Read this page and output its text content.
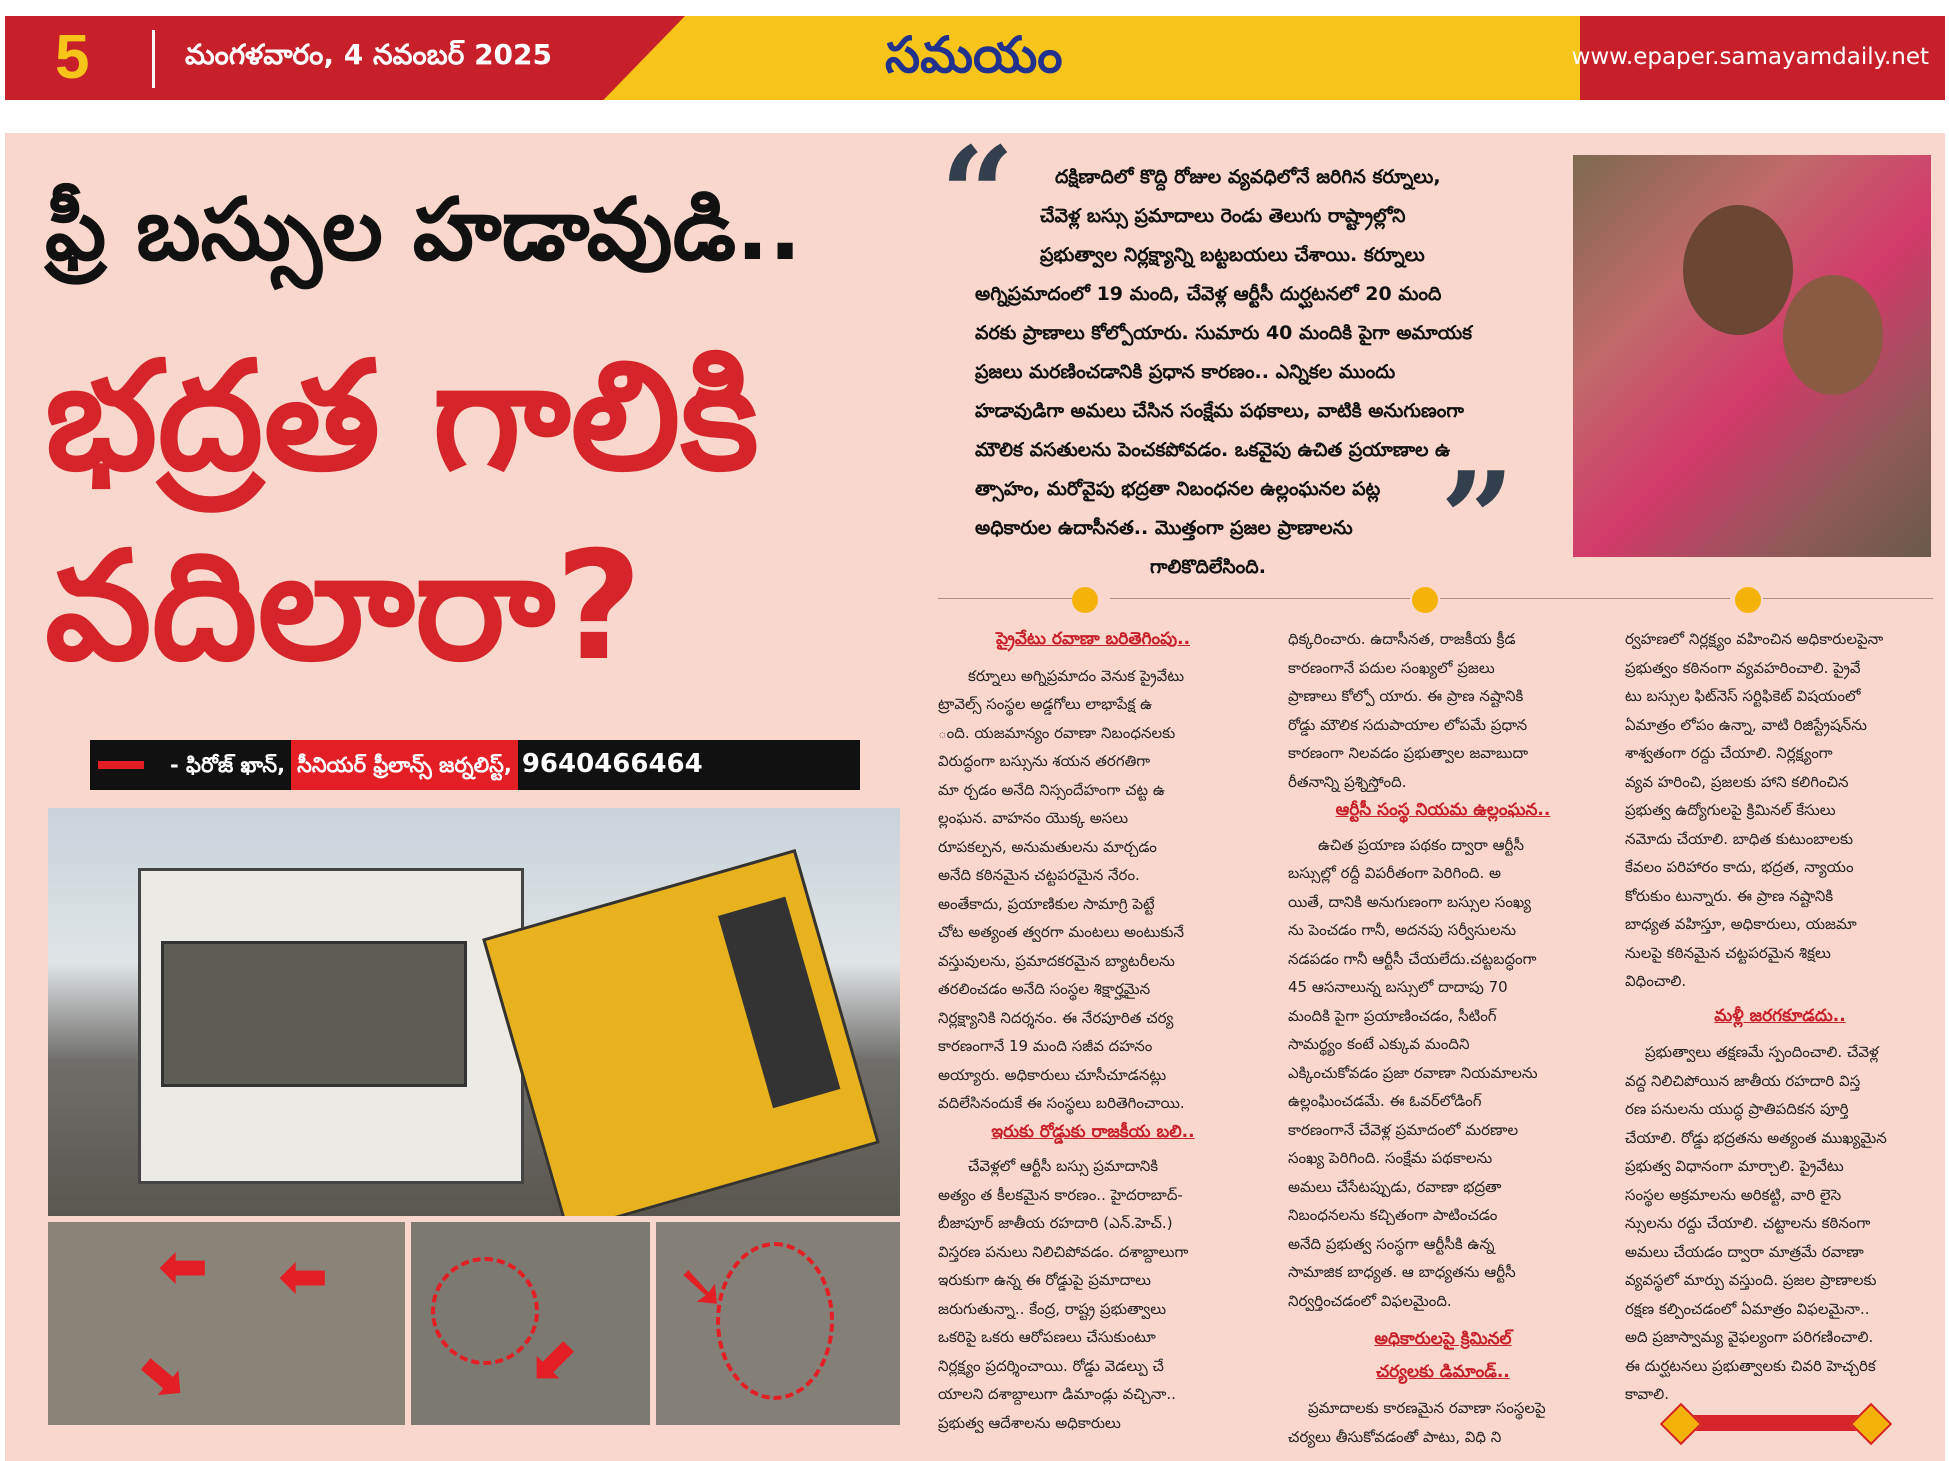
5	మంగళవారం, 4 నవంబర్ 2025	సమయం	www.epaper.samayamdaily.net
ఫ్రీ బస్సుల హడావుడి..
భద్రత గాలికి
వదిలారా?
- ఫిరోజ్ ఖాన్, సీనియర్ ఫ్రీలాన్స్ జర్నలిస్ట్, 9640466464
⬅ ⬅
➡	⬋
➘
“
”
దక్షిణాదిలో కొద్ది రోజుల వ్యవధిలోనే జరిగిన కర్నూలు,
చేవెళ్ల బస్సు ప్రమాదాలు రెండు తెలుగు రాష్ట్రాల్లోని
ప్రభుత్వాల నిర్లక్ష్యాన్ని బట్టబయలు చేశాయి. కర్నూలు
అగ్నిప్రమాదంలో 19 మంది, చేవెళ్ల ఆర్టీసీ దుర్ఘటనలో 20 మంది
వరకు ప్రాణాలు కోల్పోయారు. సుమారు 40 మందికి పైగా అమాయక
ప్రజలు మరణించడానికి ప్రధాన కారణం.. ఎన్నికల ముందు
హడావుడిగా అమలు చేసిన సంక్షేమ పథకాలు, వాటికి అనుగుణంగా
మౌలిక వసతులను పెంచకపోవడం. ఒకవైపు ఉచిత ప్రయాణాల ఉ
త్సాహం, మరోవైపు భద్రతా నిబంధనల ఉల్లంఘనల పట్ల
అధికారుల ఉదాసీనత.. మొత్తంగా ప్రజల ప్రాణాలను
గాలికొదిలేసింది.

ప్రైవేటు రవాణా బరితెగింపు..

కర్నూలు అగ్నిప్రమాదం వెనుక ప్రైవేటు

ట్రావెల్స్ సంస్థల అడ్డగోలు లాభాపేక్ష ఉ

ంది. యజమాన్యం రవాణా నిబంధనలకు

విరుద్ధంగా బస్సును శయన తరగతిగా

మా ర్చడం అనేది నిస్సందేహంగా చట్ట ఉ

ల్లంఘన. వాహనం యొక్క అసలు

రూపకల్పన, అనుమతులను మార్చడం

అనేది కఠినమైన చట్టపరమైన నేరం.

అంతేకాదు, ప్రయాణికుల సామాగ్రి పెట్టే

చోట అత్యంత త్వరగా మంటలు అంటుకునే

వస్తువులను, ప్రమాదకరమైన బ్యాటరీలను

తరలించడం అనేది సంస్థల శిక్షార్హమైన

నిర్లక్ష్యానికి నిదర్శనం. ఈ నేరపూరిత చర్య

కారణంగానే 19 మంది సజీవ దహనం

అయ్యారు. అధికారులు చూసీచూడనట్లు

వదిలేసినందుకే ఈ సంస్థలు బరితెగించాయి.

ఇరుకు రోడ్డుకు రాజకీయ బలి..

చేవెళ్లలో ఆర్టీసీ బస్సు ప్రమాదానికి

అత్యం త కీలకమైన కారణం.. హైదరాబాద్-

బీజాపూర్ జాతీయ రహదారి (ఎన్.హెచ్.)

విస్తరణ పనులు నిలిచిపోవడం. దశాబ్దాలుగా

ఇరుకుగా ఉన్న ఈ రోడ్డుపై ప్రమాదాలు

జరుగుతున్నా.. కేంద్ర, రాష్ట్ర ప్రభుత్వాలు

ఒకరిపై ఒకరు ఆరోపణలు చేసుకుంటూ

నిర్లక్ష్యం ప్రదర్శించాయి. రోడ్డు వెడల్పు చే

యాలని దశాబ్దాలుగా డిమాండ్లు వచ్చినా..

ప్రభుత్వ ఆదేశాలను అధికారులు

ధిక్కరించారు. ఉదాసీనత, రాజకీయ క్రీడ

కారణంగానే పదుల సంఖ్యలో ప్రజలు

ప్రాణాలు కోల్పో యారు. ఈ ప్రాణ నష్టానికి

రోడ్డు మౌలిక సదుపాయాల లోపమే ప్రధాన

కారణంగా నిలవడం ప్రభుత్వాల జవాబుదా

రీతనాన్ని ప్రశ్నిస్తోంది.

ఆర్టీసీ సంస్థ నియమ ఉల్లంఘన..

ఉచిత ప్రయాణ పథకం ద్వారా ఆర్టీసీ

బస్సుల్లో రద్దీ విపరీతంగా పెరిగింది. అ

యితే, దానికి అనుగుణంగా బస్సుల సంఖ్య

ను పెంచడం గానీ, అదనపు సర్వీసులను

నడపడం గానీ ఆర్టీసీ చేయలేదు.చట్టబద్ధంగా

45 ఆసనాలున్న బస్సులో దాదాపు 70

మందికి పైగా ప్రయాణించడం, సీటింగ్

సామర్థ్యం కంటే ఎక్కువ మందిని

ఎక్కించుకోవడం ప్రజా రవాణా నియమాలను

ఉల్లంఘించడమే. ఈ ఓవర్‌లోడింగ్

కారణంగానే చేవెళ్ల ప్రమాదంలో మరణాల

సంఖ్య పెరిగింది. సంక్షేమ పథకాలను

అమలు చేసేటప్పుడు, రవాణా భద్రతా

నిబంధనలను కచ్చితంగా పాటించడం

అనేది ప్రభుత్వ సంస్థగా ఆర్టీసీకి ఉన్న

సామాజిక బాధ్యత. ఆ బాధ్యతను ఆర్టీసీ

నిర్వర్తించడంలో విఫలమైంది.

అధికారులపై క్రిమినల్

చర్యలకు డిమాండ్..

ప్రమాదాలకు కారణమైన రవాణా సంస్థలపై

చర్యలు తీసుకోవడంతో పాటు, విధి ని

ర్వహణలో నిర్లక్ష్యం వహించిన అధికారులపైనా

ప్రభుత్వం కఠినంగా వ్యవహరించాలి. ప్రైవే

టు బస్సుల ఫిట్‌నెస్ సర్టిఫికెట్ విషయంలో

ఏమాత్రం లోపం ఉన్నా, వాటి రిజిస్ట్రేషన్‌ను

శాశ్వతంగా రద్దు చేయాలి. నిర్లక్ష్యంగా

వ్యవ హరించి, ప్రజలకు హాని కలిగించిన

ప్రభుత్వ ఉద్యోగులపై క్రిమినల్ కేసులు

నమోదు చేయాలి. బాధిత కుటుంబాలకు

కేవలం పరిహారం కాదు, భద్రత, న్యాయం

కోరుకుం టున్నారు. ఈ ప్రాణ నష్టానికి

బాధ్యత వహిస్తూ, అధికారులు, యజమా

నులపై కఠినమైన చట్టపరమైన శిక్షలు

విధించాలి.

మళ్లీ జరగకూడదు..

ప్రభుత్వాలు తక్షణమే స్పందించాలి. చేవెళ్ల

వద్ద నిలిచిపోయిన జాతీయ రహదారి విస్త

రణ పనులను యుద్ధ ప్రాతిపదికన పూర్తి

చేయాలి. రోడ్డు భద్రతను అత్యంత ముఖ్యమైన

ప్రభుత్వ విధానంగా మార్చాలి. ప్రైవేటు

సంస్థల అక్రమాలను అరికట్టి, వారి లైసె

న్సులను రద్దు చేయాలి. చట్టాలను కఠినంగా

అమలు చేయడం ద్వారా మాత్రమే రవాణా

వ్యవస్థలో మార్పు వస్తుంది. ప్రజల ప్రాణాలకు

రక్షణ కల్పించడంలో ఏమాత్రం విఫలమైనా..

అది ప్రజాస్వామ్య వైఫల్యంగా పరిగణించాలి.

ఈ దుర్ఘటనలు ప్రభుత్వాలకు చివరి హెచ్చరిక

కావాలి.
